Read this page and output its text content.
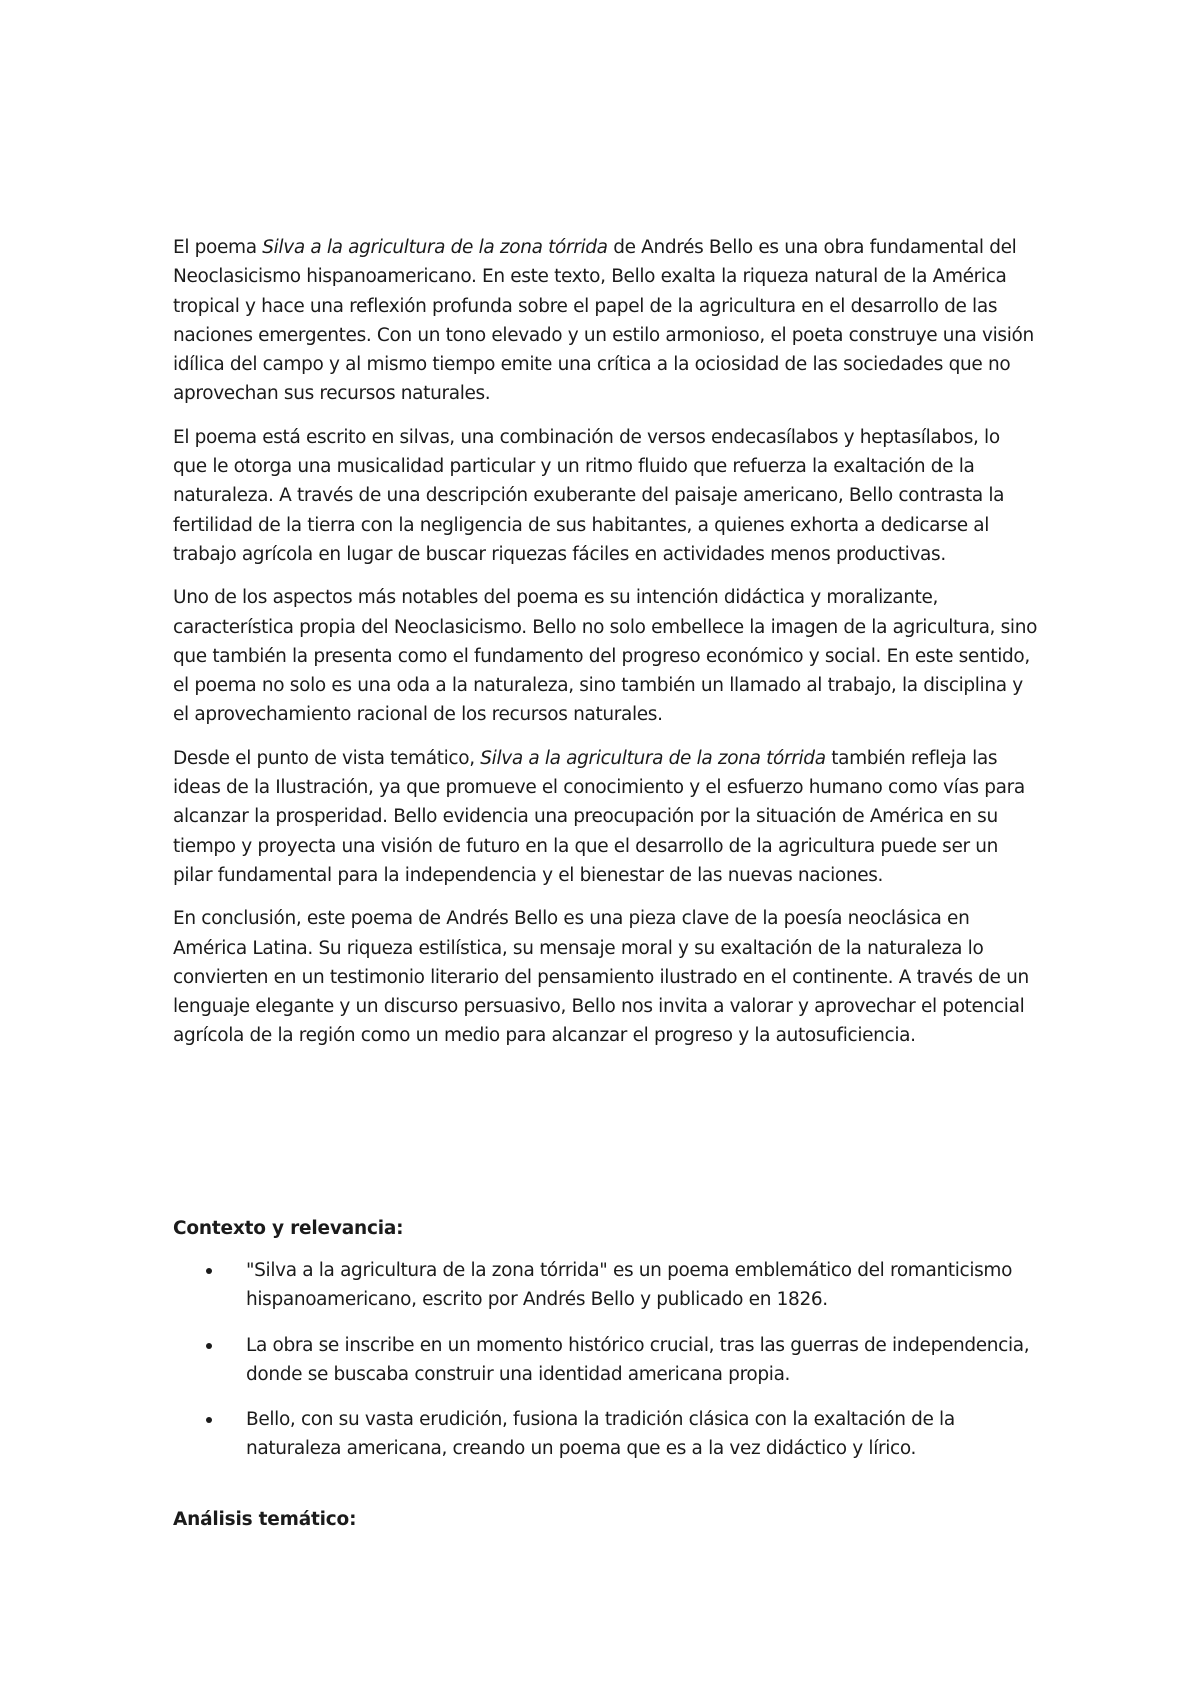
El poema Silva a la agricultura de la zona tórrida de Andrés Bello es una obra fundamental del Neoclasicismo hispanoamericano. En este texto, Bello exalta la riqueza natural de la América tropical y hace una reflexión profunda sobre el papel de la agricultura en el desarrollo de las naciones emergentes. Con un tono elevado y un estilo armonioso, el poeta construye una visión idílica del campo y al mismo tiempo emite una crítica a la ociosidad de las sociedades que no aprovechan sus recursos naturales.

El poema está escrito en silvas, una combinación de versos endecasílabos y heptasílabos, lo que le otorga una musicalidad particular y un ritmo fluido que refuerza la exaltación de la naturaleza. A través de una descripción exuberante del paisaje americano, Bello contrasta la fertilidad de la tierra con la negligencia de sus habitantes, a quienes exhorta a dedicarse al trabajo agrícola en lugar de buscar riquezas fáciles en actividades menos productivas.

Uno de los aspectos más notables del poema es su intención didáctica y moralizante, característica propia del Neoclasicismo. Bello no solo embellece la imagen de la agricultura, sino que también la presenta como el fundamento del progreso económico y social. En este sentido, el poema no solo es una oda a la naturaleza, sino también un llamado al trabajo, la disciplina y el aprovechamiento racional de los recursos naturales.

Desde el punto de vista temático, Silva a la agricultura de la zona tórrida también refleja las ideas de la Ilustración, ya que promueve el conocimiento y el esfuerzo humano como vías para alcanzar la prosperidad. Bello evidencia una preocupación por la situación de América en su tiempo y proyecta una visión de futuro en la que el desarrollo de la agricultura puede ser un pilar fundamental para la independencia y el bienestar de las nuevas naciones.

En conclusión, este poema de Andrés Bello es una pieza clave de la poesía neoclásica en América Latina. Su riqueza estilística, su mensaje moral y su exaltación de la naturaleza lo convierten en un testimonio literario del pensamiento ilustrado en el continente. A través de un lenguaje elegante y un discurso persuasivo, Bello nos invita a valorar y aprovechar el potencial agrícola de la región como un medio para alcanzar el progreso y la autosuficiencia.

Contexto y relevancia:
"Silva a la agricultura de la zona tórrida" es un poema emblemático del romanticismo hispanoamericano, escrito por Andrés Bello y publicado en 1826.
La obra se inscribe en un momento histórico crucial, tras las guerras de independencia, donde se buscaba construir una identidad americana propia.
Bello, con su vasta erudición, fusiona la tradición clásica con la exaltación de la naturaleza americana, creando un poema que es a la vez didáctico y lírico.
Análisis temático:
